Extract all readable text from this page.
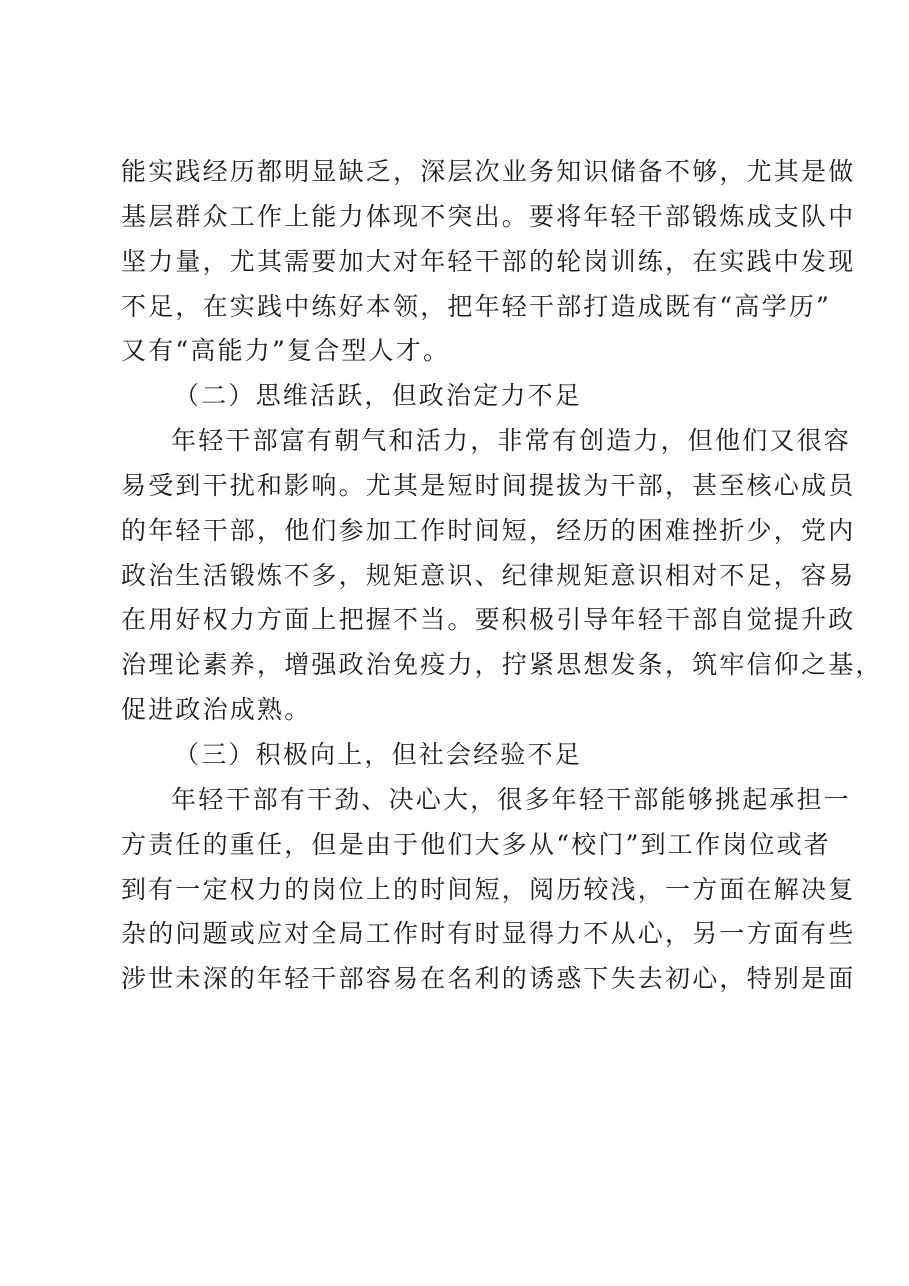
能实践经历都明显缺乏，深层次业务知识储备不够，尤其是做
基层群众工作上能力体现不突出。要将年轻干部锻炼成支队中
坚力量，尤其需要加大对年轻干部的轮岗训练，在实践中发现
不足，在实践中练好本领，把年轻干部打造成既有“高学历”
又有“高能力”复合型人才。
（二）思维活跃，但政治定力不足
年轻干部富有朝气和活力，非常有创造力，但他们又很容
易受到干扰和影响。尤其是短时间提拔为干部，甚至核心成员
的年轻干部，他们参加工作时间短，经历的困难挫折少，党内
政治生活锻炼不多，规矩意识、纪律规矩意识相对不足，容易
在用好权力方面上把握不当。要积极引导年轻干部自觉提升政
治理论素养，增强政治免疫力，拧紧思想发条，筑牢信仰之基，
促进政治成熟。
（三）积极向上，但社会经验不足
年轻干部有干劲、决心大，很多年轻干部能够挑起承担一
方责任的重任，但是由于他们大多从“校门”到工作岗位或者
到有一定权力的岗位上的时间短，阅历较浅，一方面在解决复
杂的问题或应对全局工作时有时显得力不从心，另一方面有些
涉世未深的年轻干部容易在名利的诱惑下失去初心，特别是面
